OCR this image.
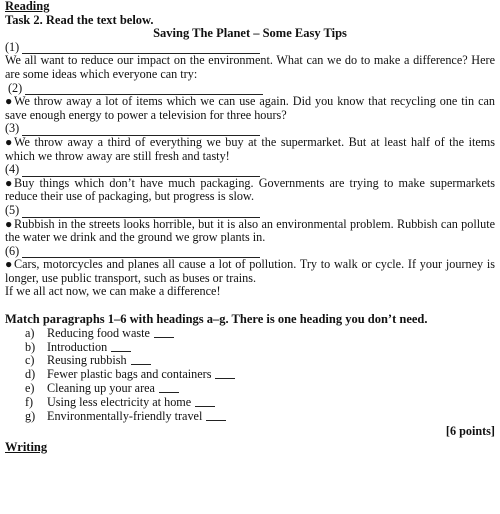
Reading
Task 2. Read the text below.
Saving The Planet – Some Easy Tips
(1)
We all want to reduce our impact on the environment. What can we do to make a difference? Here are some ideas which everyone can try:
(2)
● We throw away a lot of items which we can use again. Did you know that recycling one tin can save enough energy to power a television for three hours?
(3)
● We throw away a third of everything we buy at the supermarket. But at least half of the items which we throw away are still fresh and tasty!
(4)
● Buy things which don’t have much packaging. Governments are trying to make supermarkets reduce their use of packaging, but progress is slow.
(5)
● Rubbish in the streets looks horrible, but it is also an environmental problem. Rubbish can pollute the water we drink and the ground we grow plants in.
(6)
● Cars, motorcycles and planes all cause a lot of pollution. Try to walk or cycle. If your journey is longer, use public transport, such as buses or trains.
If we all act now, we can make a difference!
Match paragraphs 1–6 with headings a–g. There is one heading you don’t need.
a)	Reducing food waste
b) Introduction
c)	Reusing rubbish
d) Fewer plastic bags and containers
e)	Cleaning up your area
f)	Using less electricity at home
g) Environmentally-friendly travel
[6 points]
Writing
